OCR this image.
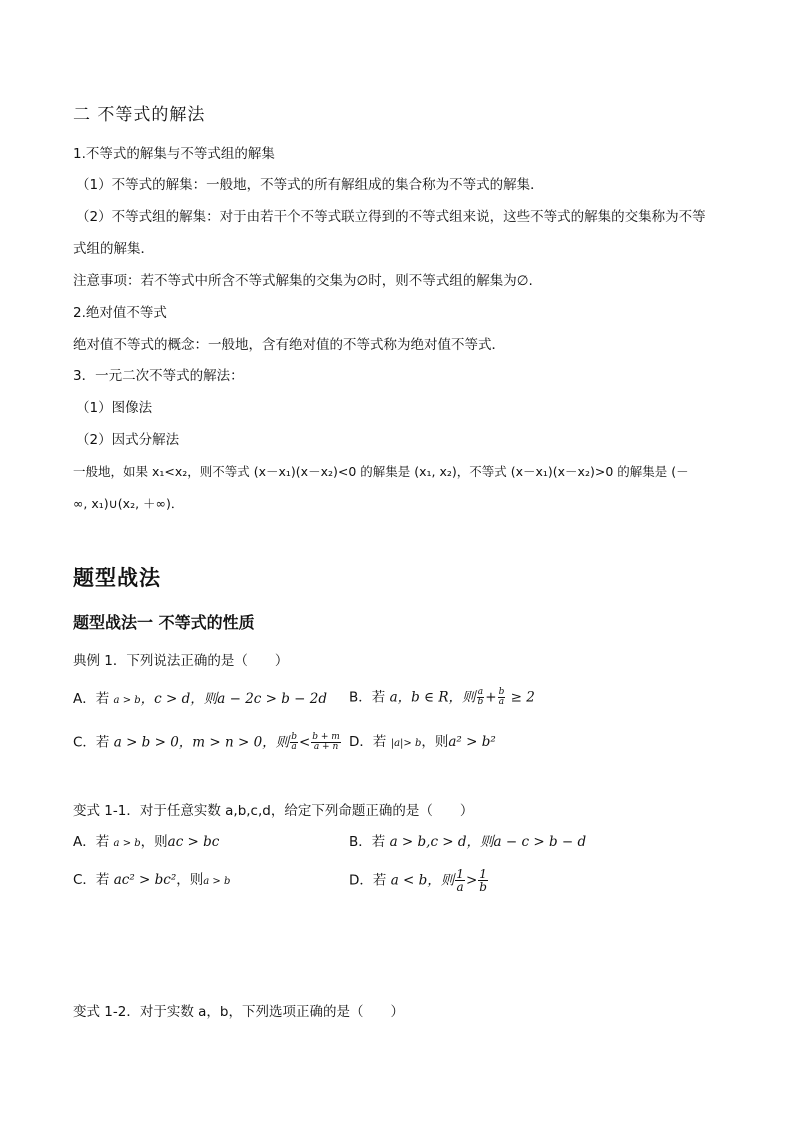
二 不等式的解法
1.不等式的解集与不等式组的解集
（1）不等式的解集：一般地，不等式的所有解组成的集合称为不等式的解集．
（2）不等式组的解集：对于由若干个不等式联立得到的不等式组来说，这些不等式的解集的交集称为不等
式组的解集．
注意事项：若不等式中所含不等式解集的交集为∅时，则不等式组的解集为∅.
2.绝对值不等式
绝对值不等式的概念：一般地，含有绝对值的不等式称为绝对值不等式．
3．一元二次不等式的解法：
（1）图像法
（2）因式分解法
一般地，如果 x₁<x₂，则不等式 (x－x₁)(x－x₂)<0 的解集是 (x₁, x₂)，不等式 (x－x₁)(x－x₂)>0 的解集是 (－
∞, x₁)∪(x₂, ＋∞)．
题型战法
题型战法一 不等式的性质
典例 1．下列说法正确的是（　　）
A．若 a > b，c > d，则a − 2c > b − 2d B．若 a，b ∈ R，则 $\frac{a}{b} + \frac{b}{a} \ge 2$
C．若 a > b > 0，m > n > 0，则 $\frac{b}{a} < \frac{b + m}{a + n}$ D．若 |a|> b，则a² > b²
变式 1-1．对于任意实数 a,b,c,d，给定下列命题正确的是（　　）
A．若 a > b，则ac > bc	B．若 a > b,c > d，则a − c > b − d
C．若 ac² > bc²，则a > b	D．若 a < b，则 $\frac{1}{a} > \frac{1}{b}$
变式 1-2．对于实数 a，b，下列选项正确的是（　　）
